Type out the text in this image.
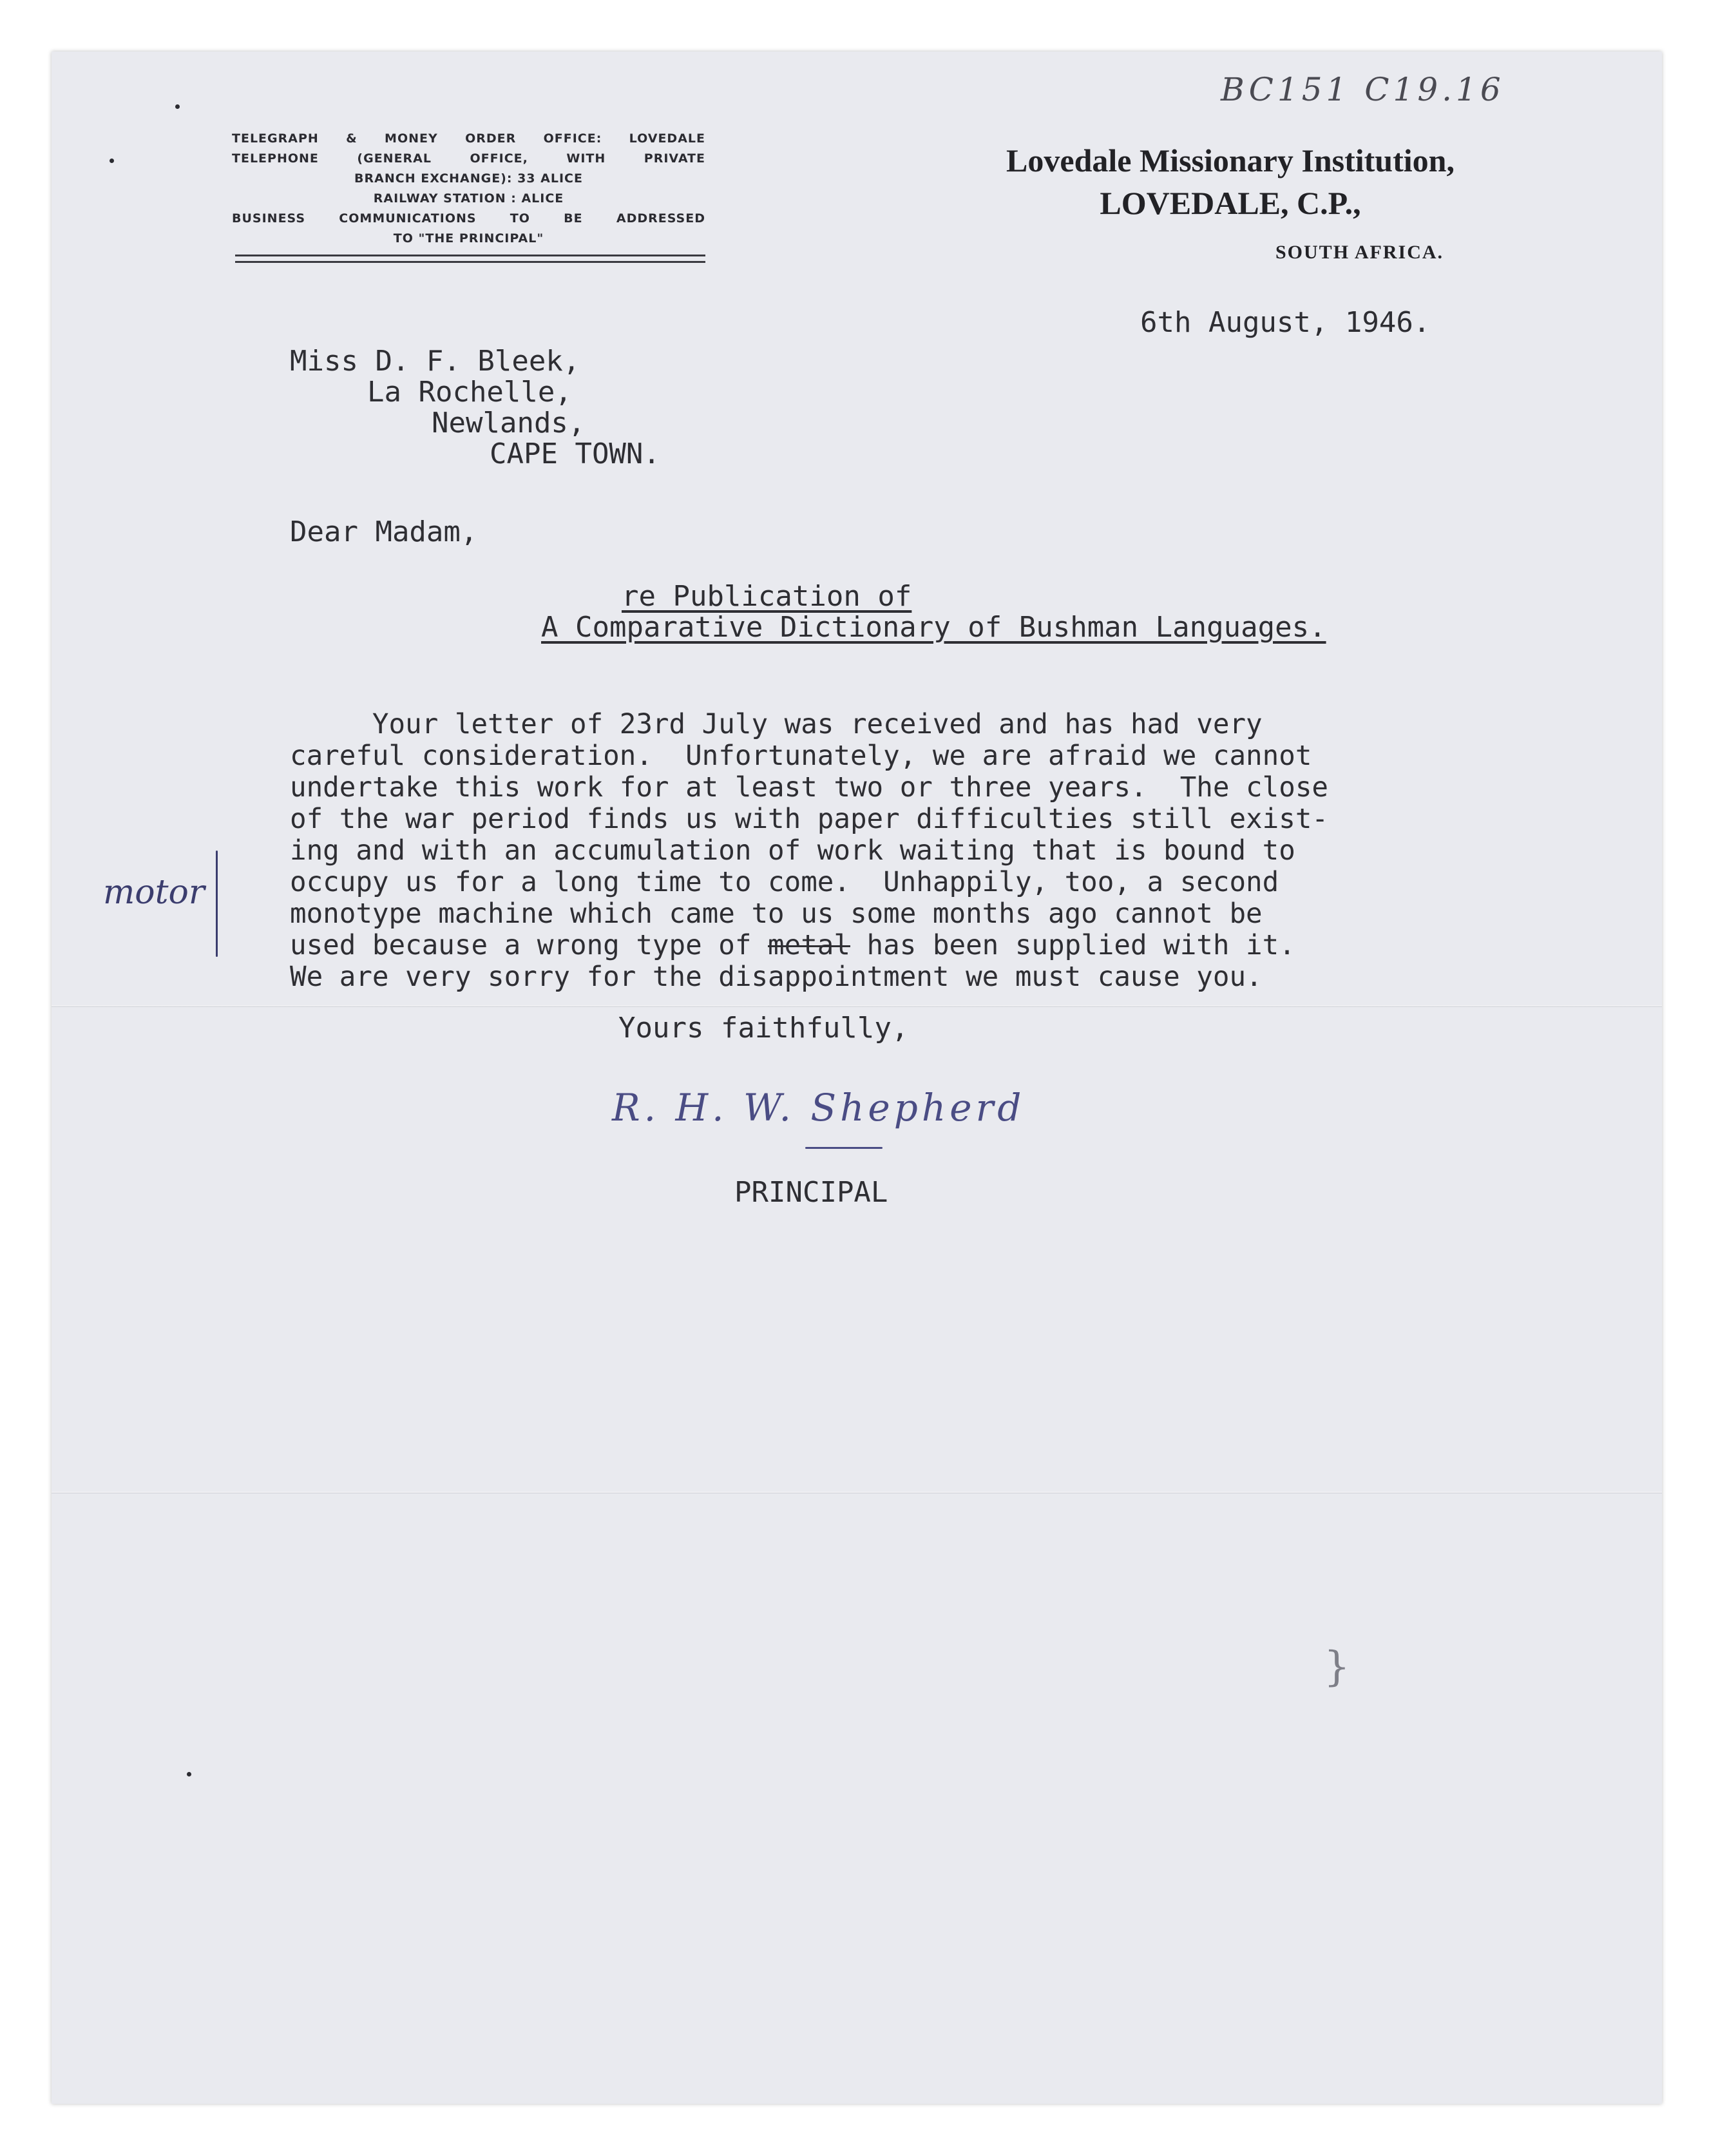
BC151 C19.16
TELEGRAPH & MONEY ORDER OFFICE: LOVEDALE
TELEPHONE (GENERAL OFFICE, WITH PRIVATE
BRANCH EXCHANGE): 33 ALICE
RAILWAY STATION : ALICE
BUSINESS COMMUNICATIONS TO BE ADDRESSED
TO "THE PRINCIPAL"
Lovedale Missionary Institution,
LOVEDALE, C.P.,
SOUTH AFRICA.
6th August, 1946.
Miss D. F. Bleek,
La Rochelle,
Newlands,
CAPE TOWN.
Dear Madam,
re Publication of
A Comparative Dictionary of Bushman Languages.
Your letter of 23rd July was received and has had very
careful consideration.  Unfortunately, we are afraid we cannot
undertake this work for at least two or three years.  The close
of the war period finds us with paper difficulties still exist-
ing and with an accumulation of work waiting that is bound to
occupy us for a long time to come.  Unhappily, too, a second
monotype machine which came to us some months ago cannot be
used because a wrong type of metal has been supplied with it.
We are very sorry for the disappointment we must cause you.
motor
Yours faithfully,
R. H. W. Shepherd
PRINCIPAL
}
